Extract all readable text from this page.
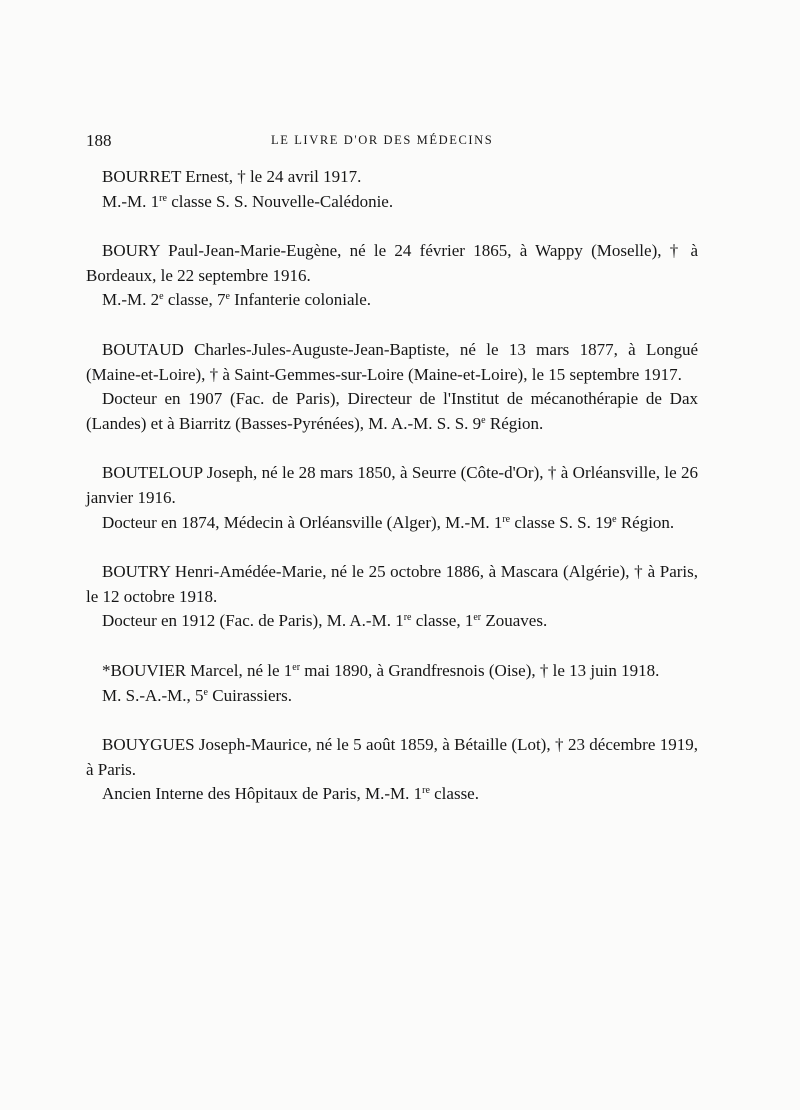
188	LE LIVRE D'OR DES MÉDECINS

BOURRET Ernest, † le 24 avril 1917.

M.-M. 1re classe S. S. Nouvelle-Calédonie.

BOURY Paul-Jean-Marie-Eugène, né le 24 février 1865, à Wappy (Moselle), † à Bordeaux, le 22 septembre 1916.

M.-M. 2e classe, 7e Infanterie coloniale.

BOUTAUD Charles-Jules-Auguste-Jean-Baptiste, né le 13 mars 1877, à Longué (Maine-et-Loire), † à Saint-Gemmes-sur-Loire (Maine-et-Loire), le 15 septembre 1917.

Docteur en 1907 (Fac. de Paris), Directeur de l'Institut de mécanothérapie de Dax (Landes) et à Biarritz (Basses-Pyrénées), M. A.-M. S. S. 9e Région.

BOUTELOUP Joseph, né le 28 mars 1850, à Seurre (Côte-d'Or), † à Orléansville, le 26 janvier 1916.

Docteur en 1874, Médecin à Orléansville (Alger), M.-M. 1re classe S. S. 19e Région.

BOUTRY Henri-Amédée-Marie, né le 25 octobre 1886, à Mascara (Algérie), † à Paris, le 12 octobre 1918.

Docteur en 1912 (Fac. de Paris), M. A.-M. 1re classe, 1er Zouaves.

*BOUVIER Marcel, né le 1er mai 1890, à Grandfresnois (Oise), † le 13 juin 1918.

M. S.-A.-M., 5e Cuirassiers.

BOUYGUES Joseph-Maurice, né le 5 août 1859, à Bétaille (Lot), † 23 décembre 1919, à Paris.

Ancien Interne des Hôpitaux de Paris, M.-M. 1re classe.
